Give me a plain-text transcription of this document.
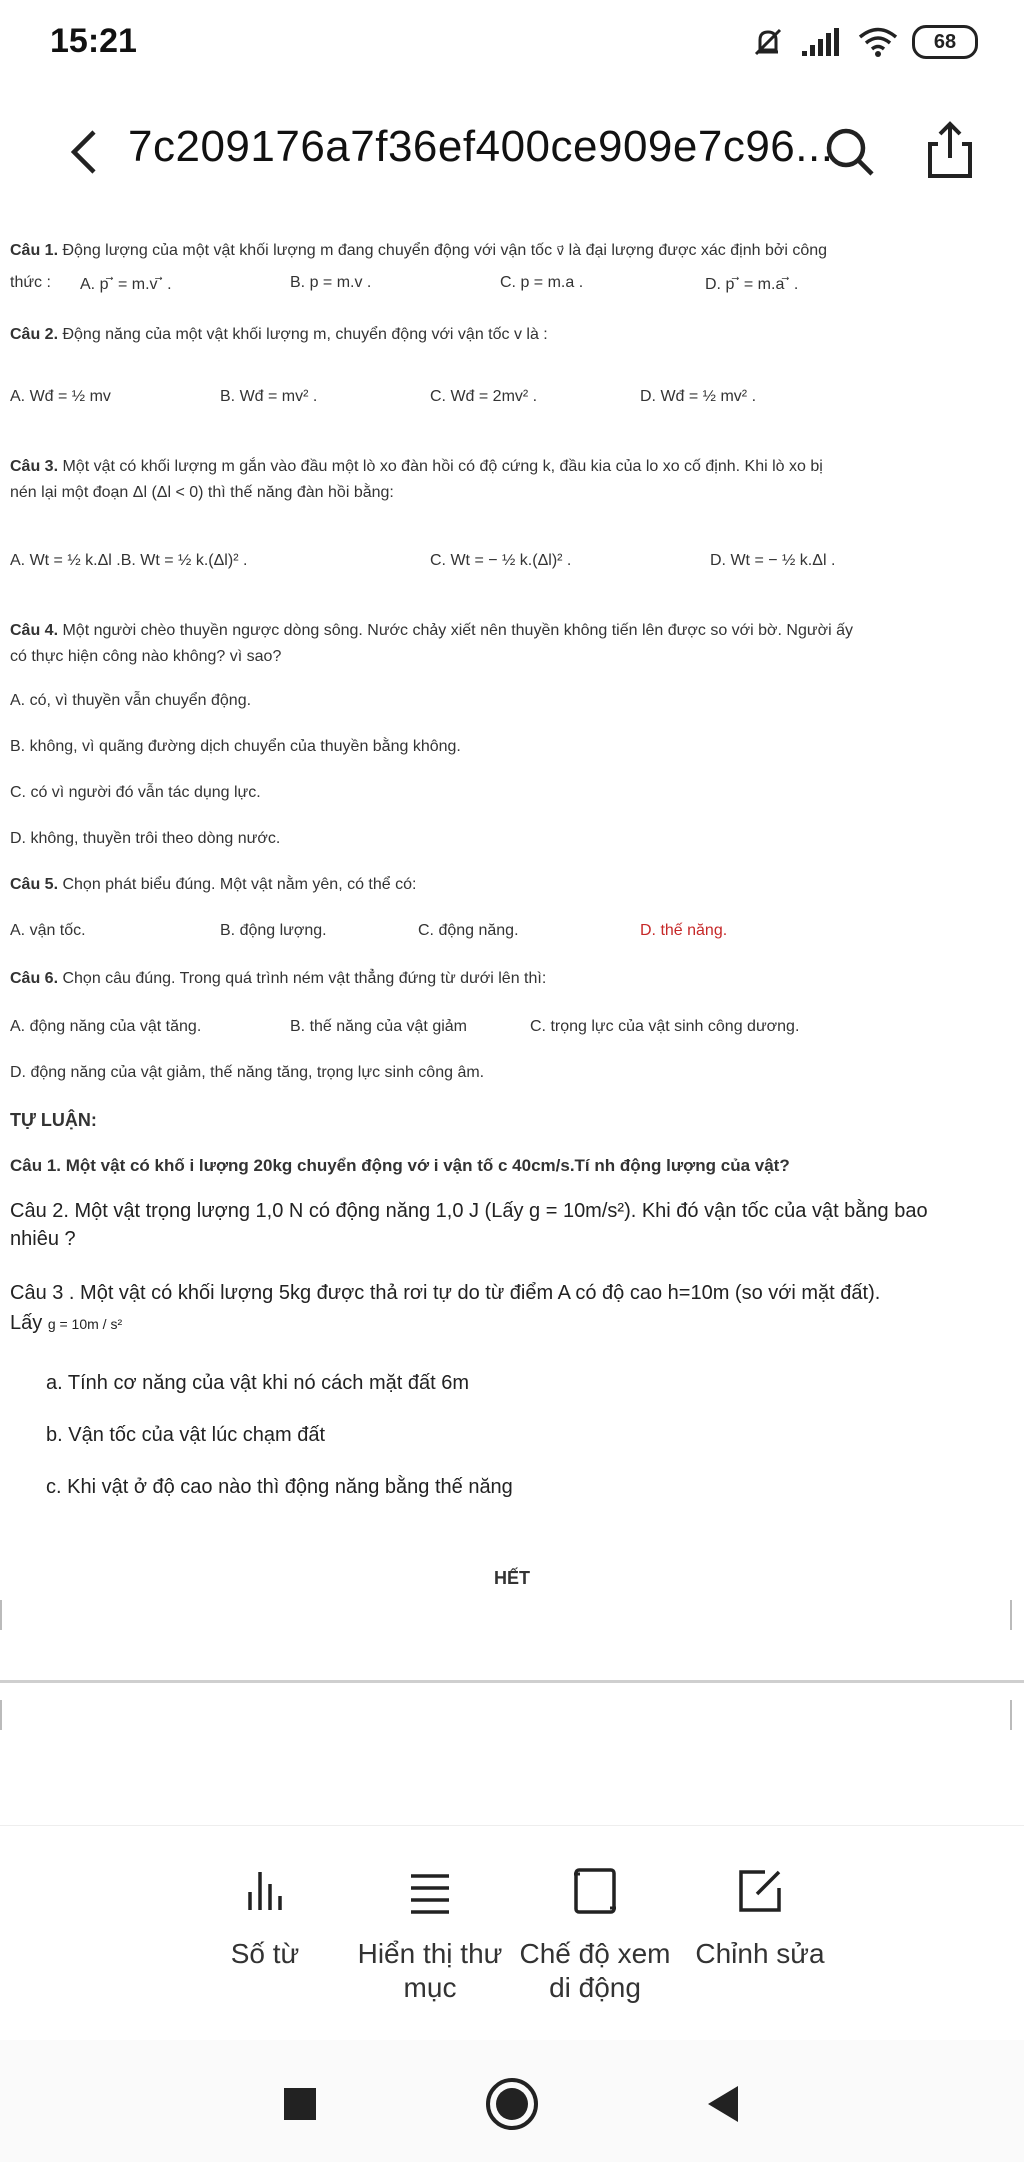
15:21	68
7c209176a7f36ef400ce909e7c96...
Câu 1. Động lượng của một vật khối lượng m đang chuyển động với vận tốc v⃗ là đại lượng được xác định bởi công
thức : A. p ⃗ = m.v ⃗ .	B. p = m.v .	C. p = m.a .	D. p ⃗ = m.a ⃗ .
Câu 2. Động năng của một vật khối lượng m, chuyển động với vận tốc v là :
A. Wđ = ½ mv	B. Wđ = mv² .	C. Wđ = 2mv² .	D. Wđ = ½ mv² .
Câu 3. Một vật có khối lượng m gắn vào đầu một lò xo đàn hồi có độ cứng k, đầu kia của lo xo cố định. Khi lò xo bị
nén lại một đoạn Δl (Δl < 0) thì thế năng đàn hồi bằng:
A. Wt = ½ k.Δl .B. Wt = ½ k.(Δl)² .	C. Wt = − ½ k.(Δl)² .	D. Wt = − ½ k.Δl .
Câu 4. Một người chèo thuyền ngược dòng sông. Nước chảy xiết nên thuyền không tiến lên được so với bờ. Người ấy
có thực hiện công nào không? vì sao?
A. có, vì thuyền vẫn chuyển động.
B. không, vì quãng đường dịch chuyển của thuyền bằng không.
C. có vì người đó vẫn tác dụng lực.
D. không, thuyền trôi theo dòng nước.
Câu 5. Chọn phát biểu đúng. Một vật nằm yên, có thể có:
A. vận tốc.	B. động lượng.	C. động năng.	D. thế năng.
Câu 6. Chọn câu đúng. Trong quá trình ném vật thẳng đứng từ dưới lên thì:
A. động năng của vật tăng.	B. thế năng của vật giảm	C. trọng lực của vật sinh công dương.
D. động năng của vật giảm, thế năng tăng, trọng lực sinh công âm.
TỰ LUẬN:
Câu 1. Một vật có khố i lượng 20kg chuyển động vớ i vận tố c 40cm/s.Tí nh động lượng của vật?
Câu 2. Một vật trọng lượng 1,0 N có động năng 1,0 J (Lấy g = 10m/s²). Khi đó vận tốc của vật bằng bao
nhiêu ?
Câu 3 . Một vật có khối lượng 5kg được thả rơi tự do từ điểm A có độ cao h=10m (so với mặt đất).
Lấy g = 10m / s²
a. Tính cơ năng của vật khi nó cách mặt đất 6m
b. Vận tốc của vật lúc chạm đất
c. Khi vật ở độ cao nào thì động năng bằng thế năng
HẾT
Số từ	Hiển thị thư mục
Chế độ xem di động
Chỉnh sửa
